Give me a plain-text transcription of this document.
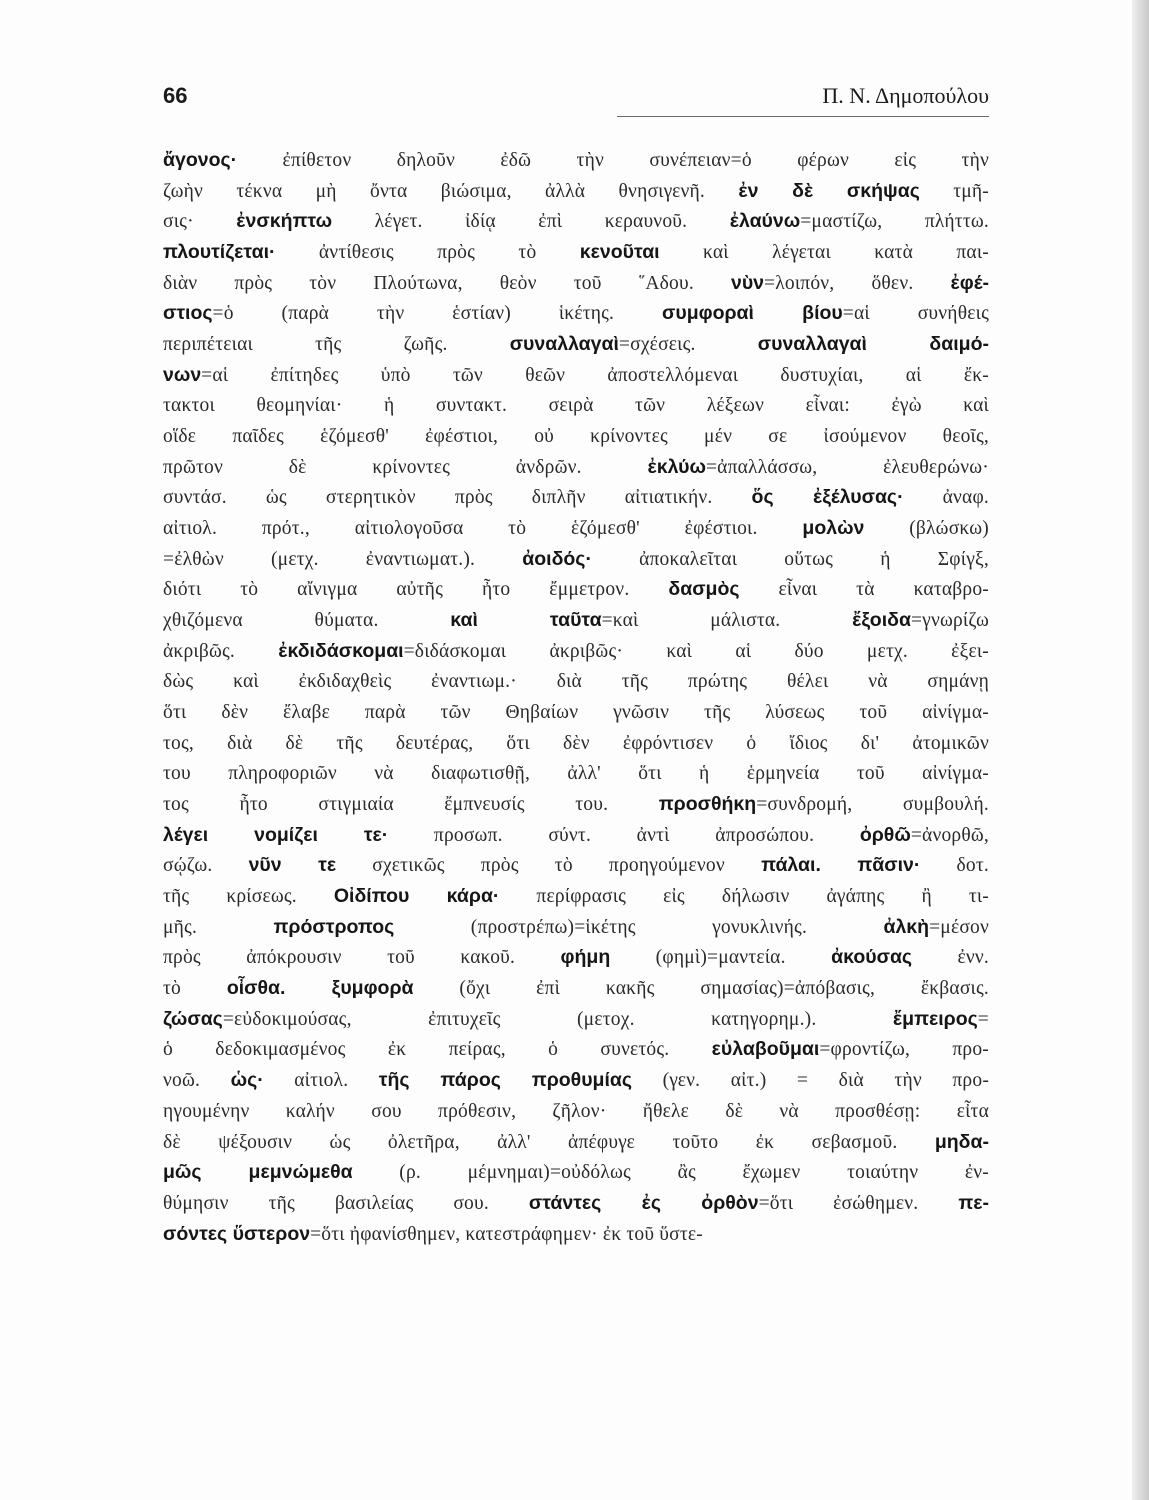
66	Π. Ν. Δημοπούλου
ἄγονος· ἐπίθετον δηλοῦν ἐδῶ τὴν συνέπειαν=ὁ φέρων εἰς τὴν
ζωὴν τέκνα μὴ ὄντα βιώσιμα, ἀλλὰ θνησιγενῆ. ἐν δὲ σκήψας τμῆ-
σις· ἐνσκήπτω λέγετ. ἰδίᾳ ἐπὶ κεραυνοῦ. ἐλαύνω=μαστίζω, πλήττω.
πλουτίζεται· ἀντίθεσις πρὸς τὸ κενοῦται καὶ λέγεται κατὰ παι-
διὰν πρὸς τὸν Πλούτωνα, θεὸν τοῦ ῞Αδου. νὺν=λοιπόν, ὅθεν. ἐφέ-
στιος=ὁ (παρὰ τὴν ἑστίαν) ἱκέτης. συμφοραὶ βίου=αἱ συνήθεις
περιπέτειαι τῆς ζωῆς. συναλλαγαὶ=σχέσεις. συναλλαγαὶ δαιμό-
νων=αἱ ἐπίτηδες ὑπὸ τῶν θεῶν ἀποστελλόμεναι δυστυχίαι, αἱ ἔκ-
τακτοι θεομηνίαι· ἡ συντακτ. σειρὰ τῶν λέξεων εἶναι: ἐγὼ καὶ
οἵδε παῖδες ἑζόμεσθ' ἐφέστιοι, οὐ κρίνοντες μέν σε ἰσούμενον θεοῖς,
πρῶτον δὲ κρίνοντες ἀνδρῶν. ἐκλύω=ἀπαλλάσσω, ἐλευθερώνω·
συντάσ. ὡς στερητικὸν πρὸς διπλῆν αἰτιατικήν. ὅς ἐξέλυσας· ἀναφ.
αἰτιολ. πρότ., αἰτιολογοῦσα τὸ ἑζόμεσθ' ἐφέστιοι. μολὼν (βλώσκω)
=ἐλθὼν (μετχ. ἐναντιωματ.). ἀοιδός· ἀποκαλεῖται οὕτως ἡ Σφίγξ,
διότι τὸ αἴνιγμα αὐτῆς ἦτο ἔμμετρον. δασμὸς εἶναι τὰ καταβρο-
χθιζόμενα θύματα. καὶ ταῦτα=καὶ μάλιστα. ἔξοιδα=γνωρίζω
ἀκριβῶς. ἐκδιδάσκομαι=διδάσκομαι ἀκριβῶς· καὶ αἱ δύο μετχ. ἐξει-
δὼς καὶ ἐκδιδαχθεὶς ἐναντιωμ.· διὰ τῆς πρώτης θέλει νὰ σημάνῃ
ὅτι δὲν ἔλαβε παρὰ τῶν Θηβαίων γνῶσιν τῆς λύσεως τοῦ αἰνίγμα-
τος, διὰ δὲ τῆς δευτέρας, ὅτι δὲν ἐφρόντισεν ὁ ἴδιος δι' ἀτομικῶν
του πληροφοριῶν νὰ διαφωτισθῇ, ἀλλ' ὅτι ἡ ἑρμηνεία τοῦ αἰνίγμα-
τος ἦτο στιγμιαία ἔμπνευσίς του. προσθήκη=συνδρομή, συμβουλή.
λέγει νομίζει τε· προσωπ. σύντ. ἀντὶ ἀπροσώπου. ὀρθῶ=ἀνορθῶ,
σῴζω. νῦν τε σχετικῶς πρὸς τὸ προηγούμενον πάλαι. πᾶσιν· δοτ.
τῆς κρίσεως. Οἰδίπου κάρα· περίφρασις εἰς δήλωσιν ἀγάπης ἢ τι-
μῆς. πρόστροπος (προστρέπω)=ἱκέτης γονυκλινής. ἀλκὴ=μέσον
πρὸς ἀπόκρουσιν τοῦ κακοῦ. φήμη (φημὶ)=μαντεία. ἀκούσας ἐνν.
τὸ οἶσθα. ξυμφορὰ (ὄχι ἐπὶ κακῆς σημασίας)=ἀπόβασις, ἔκβασις.
ζώσας=εὐδοκιμούσας, ἐπιτυχεῖς (μετοχ. κατηγορημ.). ἔμπειρος=
ὁ δεδοκιμασμένος ἐκ πείρας, ὁ συνετός. εὐλαβοῦμαι=φροντίζω, προ-
νοῶ. ὡς· αἰτιολ. τῆς πάρος προθυμίας (γεν. αἰτ.) = διὰ τὴν προ-
ηγουμένην καλήν σου πρόθεσιν, ζῆλον· ἤθελε δὲ νὰ προσθέσῃ: εἶτα
δὲ ψέξουσιν ὡς ὀλετῆρα, ἀλλ' ἀπέφυγε τοῦτο ἐκ σεβασμοῦ. μηδα-
μῶς μεμνώμεθα (ρ. μέμνημαι)=οὐδόλως ἂς ἔχωμεν τοιαύτην ἐν-
θύμησιν τῆς βασιλείας σου. στάντες ἐς ὀρθὸν=ὅτι ἐσώθημεν. πε-
σόντες ὕστερον=ὅτι ἠφανίσθημεν, κατεστράφημεν· ἐκ τοῦ ὕστε-
